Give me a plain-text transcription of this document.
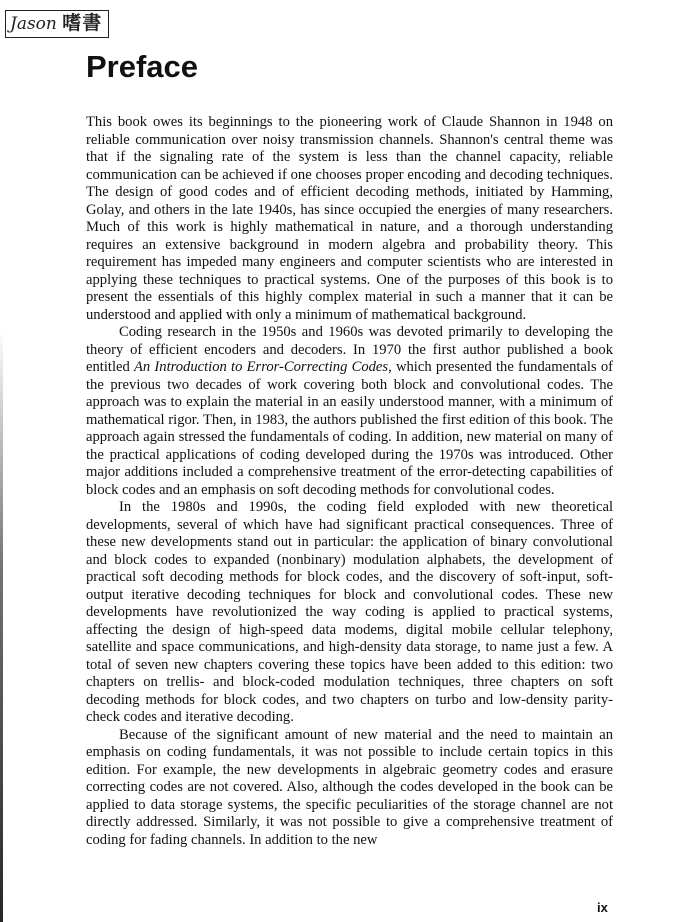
Jason 嗜書
Preface

This book owes its beginnings to the pioneering work of Claude Shannon in 1948 on reliable communication over noisy transmission channels. Shannon's central theme was that if the signaling rate of the system is less than the channel capacity, reliable communication can be achieved if one chooses proper encoding and decoding techniques. The design of good codes and of efficient decoding methods, initiated by Hamming, Golay, and others in the late 1940s, has since occupied the energies of many researchers. Much of this work is highly mathematical in nature, and a thorough understanding requires an extensive background in modern algebra and probability theory. This requirement has impeded many engineers and computer scientists who are interested in applying these techniques to practical systems. One of the purposes of this book is to present the essentials of this highly complex material in such a manner that it can be understood and applied with only a minimum of mathematical background.

Coding research in the 1950s and 1960s was devoted primarily to developing the theory of efficient encoders and decoders. In 1970 the first author published a book entitled An Introduction to Error-Correcting Codes, which presented the fundamentals of the previous two decades of work covering both block and convolutional codes. The approach was to explain the material in an easily understood manner, with a minimum of mathematical rigor. Then, in 1983, the authors published the first edition of this book. The approach again stressed the fundamentals of coding. In addition, new material on many of the practical applications of coding developed during the 1970s was introduced. Other major additions included a comprehensive treatment of the error-detecting capabilities of block codes and an emphasis on soft decoding methods for convolutional codes.

In the 1980s and 1990s, the coding field exploded with new theoretical developments, several of which have had significant practical consequences. Three of these new developments stand out in particular: the application of binary convolutional and block codes to expanded (nonbinary) modulation alphabets, the development of practical soft decoding methods for block codes, and the discovery of soft-input, soft-output iterative decoding techniques for block and convolutional codes. These new developments have revolutionized the way coding is applied to practical systems, affecting the design of high-speed data modems, digital mobile cellular telephony, satellite and space communications, and high-density data storage, to name just a few. A total of seven new chapters covering these topics have been added to this edition: two chapters on trellis- and block-coded modulation techniques, three chapters on soft decoding methods for block codes, and two chapters on turbo and low-density parity-check codes and iterative decoding.

Because of the significant amount of new material and the need to maintain an emphasis on coding fundamentals, it was not possible to include certain topics in this edition. For example, the new developments in algebraic geometry codes and erasure correcting codes are not covered. Also, although the codes developed in the book can be applied to data storage systems, the specific peculiarities of the storage channel are not directly addressed. Similarly, it was not possible to give a comprehensive treatment of coding for fading channels. In addition to the new

ix
